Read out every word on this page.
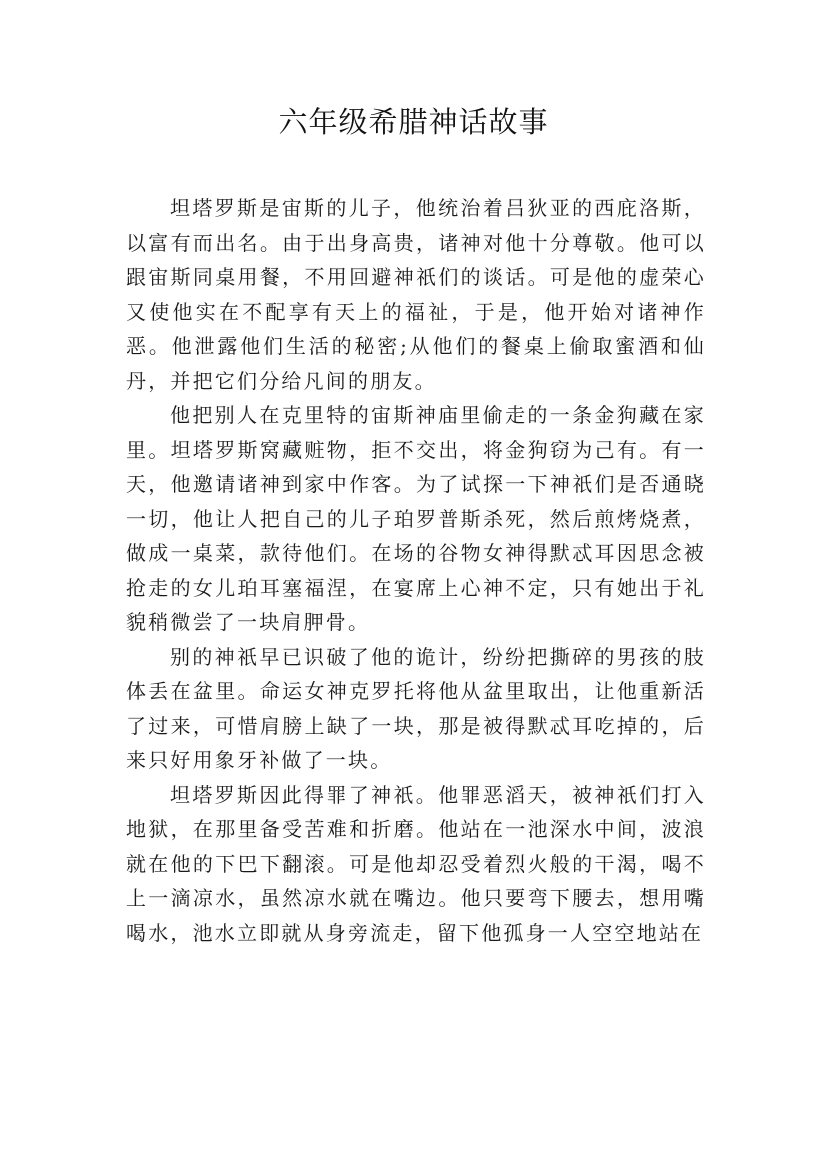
六年级希腊神话故事

坦塔罗斯是宙斯的儿子，他统治着吕狄亚的西庇洛斯，以富有而出名。由于出身高贵，诸神对他十分尊敬。他可以跟宙斯同桌用餐，不用回避神祇们的谈话。可是他的虚荣心又使他实在不配享有天上的福祉，于是，他开始对诸神作恶。他泄露他们生活的秘密;从他们的餐桌上偷取蜜酒和仙丹，并把它们分给凡间的朋友。

他把别人在克里特的宙斯神庙里偷走的一条金狗藏在家里。坦塔罗斯窝藏赃物，拒不交出，将金狗窃为己有。有一天，他邀请诸神到家中作客。为了试探一下神祇们是否通晓一切，他让人把自己的儿子珀罗普斯杀死，然后煎烤烧煮，做成一桌菜，款待他们。在场的谷物女神得默忒耳因思念被抢走的女儿珀耳塞福涅，在宴席上心神不定，只有她出于礼貌稍微尝了一块肩胛骨。

别的神祇早已识破了他的诡计，纷纷把撕碎的男孩的肢体丢在盆里。命运女神克罗托将他从盆里取出，让他重新活了过来，可惜肩膀上缺了一块，那是被得默忒耳吃掉的，后来只好用象牙补做了一块。

坦塔罗斯因此得罪了神祇。他罪恶滔天，被神祇们打入地狱，在那里备受苦难和折磨。他站在一池深水中间，波浪就在他的下巴下翻滚。可是他却忍受着烈火般的干渴，喝不上一滴凉水，虽然凉水就在嘴边。他只要弯下腰去，想用嘴喝水，池水立即就从身旁流走，留下他孤身一人空空地站在
